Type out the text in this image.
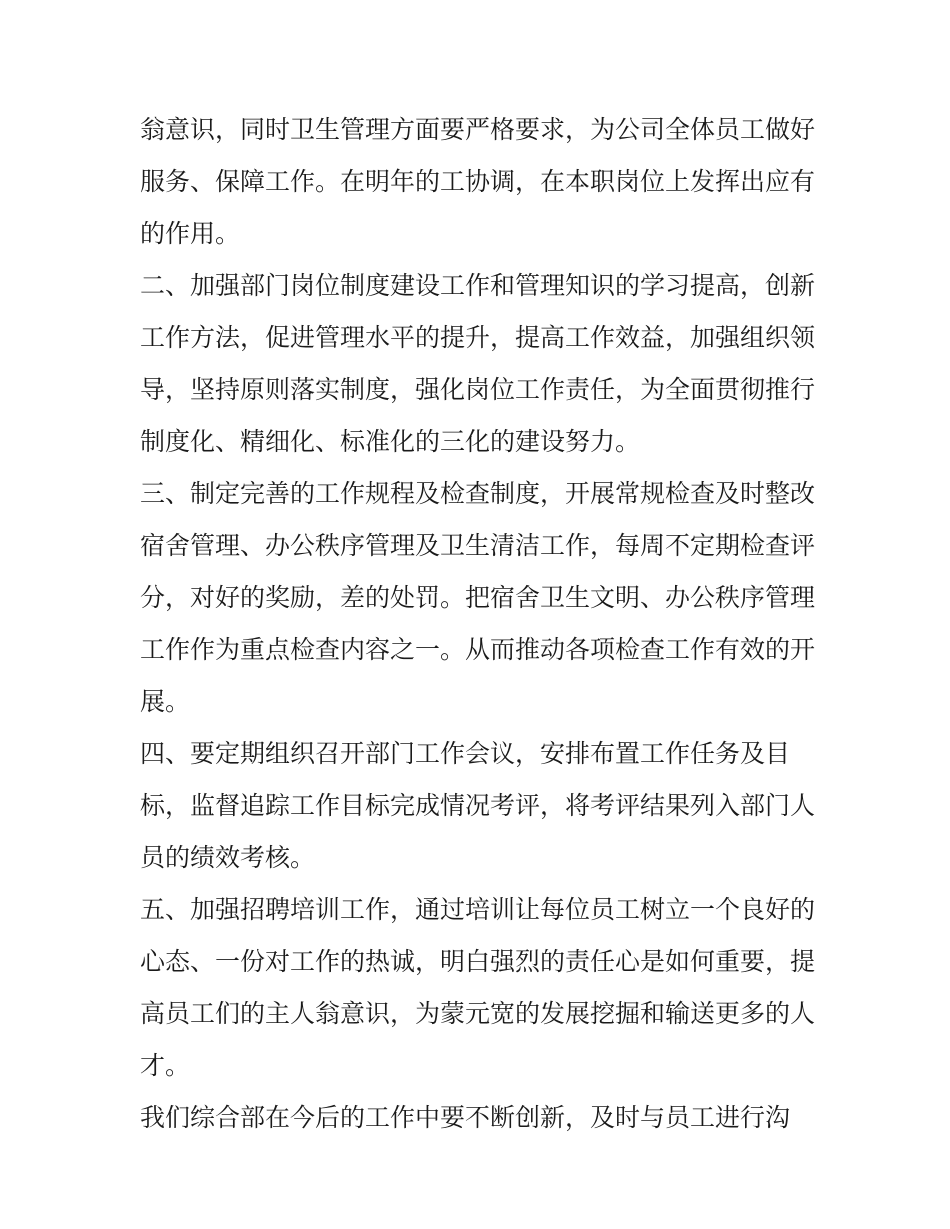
翁意识，同时卫生管理方面要严格要求，为公司全体员工做好
服务、保障工作。在明年的工协调，在本职岗位上发挥出应有
的作用。
二、加强部门岗位制度建设工作和管理知识的学习提高，创新
工作方法，促进管理水平的提升，提高工作效益，加强组织领
导，坚持原则落实制度，强化岗位工作责任，为全面贯彻推行
制度化、精细化、标准化的三化的建设努力。
三、制定完善的工作规程及检查制度，开展常规检查及时整改
宿舍管理、办公秩序管理及卫生清洁工作，每周不定期检查评
分，对好的奖励，差的处罚。把宿舍卫生文明、办公秩序管理
工作作为重点检查内容之一。从而推动各项检查工作有效的开
展。
四、要定期组织召开部门工作会议，安排布置工作任务及目
标，监督追踪工作目标完成情况考评，将考评结果列入部门人
员的绩效考核。
五、加强招聘培训工作，通过培训让每位员工树立一个良好的
心态、一份对工作的热诚，明白强烈的责任心是如何重要，提
高员工们的主人翁意识，为蒙元宽的发展挖掘和输送更多的人
才。
我们综合部在今后的工作中要不断创新，及时与员工进行沟
